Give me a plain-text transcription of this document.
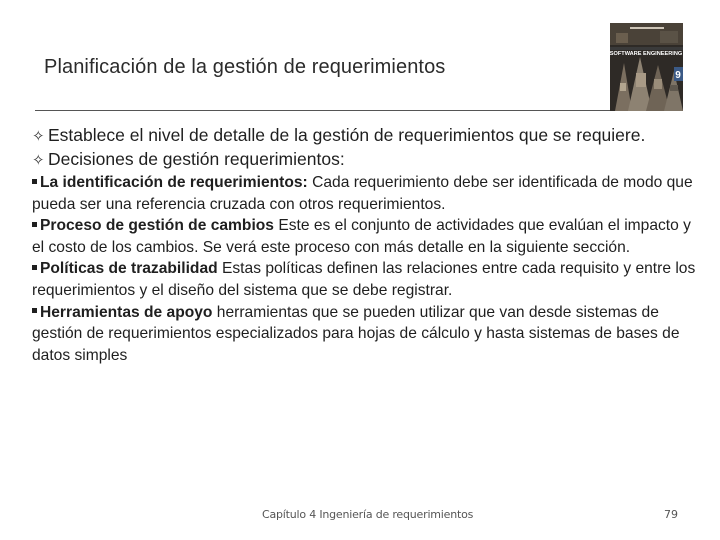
Planificación de la gestión de requerimientos	9
SOFTWARE ENGINEERING

✧ Establece el nivel de detalle de la gestión de requerimientos que se requiere.

✧ Decisiones de gestión requerimientos:

La identificación de requerimientos: Cada requerimiento debe ser identificada de modo que pueda ser una referencia cruzada con otros requerimientos.

Proceso de gestión de cambios Este es el conjunto de actividades que evalúan el impacto y el costo de los cambios. Se verá este proceso con más detalle en la siguiente sección.

Políticas de trazabilidad Estas políticas definen las relaciones entre cada requisito y entre los requerimientos y el diseño del sistema que se debe registrar.

Herramientas de apoyo herramientas que se pueden utilizar que van desde sistemas de gestión de requerimientos especializados para hojas de cálculo y hasta sistemas de bases de datos simples

Capítulo 4 Ingeniería de requerimientos	79
